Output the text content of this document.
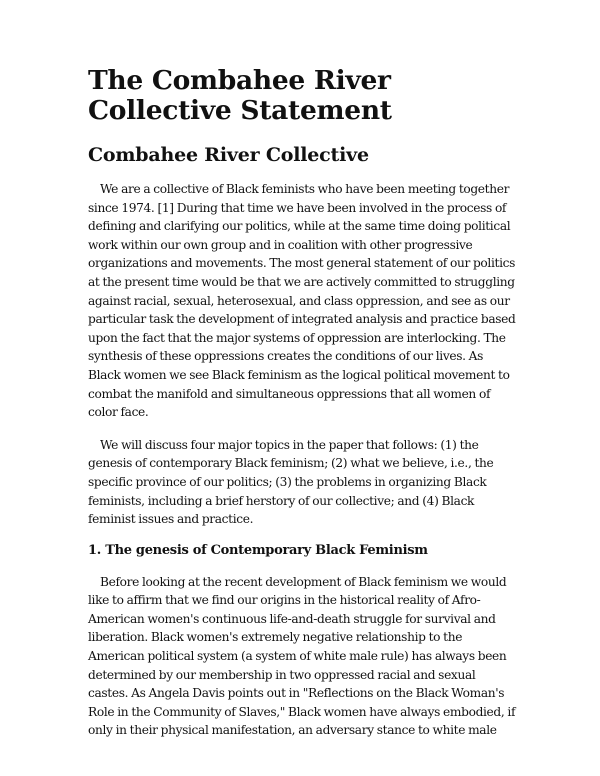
The Combahee River Collective Statement
Combahee River Collective

We are a collective of Black feminists who have been meeting together since 1974. [1] During that time we have been involved in the process of defining and clarifying our politics, while at the same time doing political work within our own group and in coalition with other progressive organizations and movements. The most general statement of our politics at the present time would be that we are actively committed to struggling against racial, sexual, heterosexual, and class oppression, and see as our particular task the development of integrated analysis and practice based upon the fact that the major systems of oppression are interlocking. The synthesis of these oppressions creates the conditions of our lives. As Black women we see Black feminism as the logical political movement to combat the manifold and simultaneous oppressions that all women of color face.

We will discuss four major topics in the paper that follows: (1) the genesis of contemporary Black feminism; (2) what we believe, i.e., the specific province of our politics; (3) the problems in organizing Black feminists, including a brief herstory of our collective; and (4) Black feminist issues and practice.

1. The genesis of Contemporary Black Feminism

Before looking at the recent development of Black feminism we would like to affirm that we find our origins in the historical reality of Afro-American women's continuous life-and-death struggle for survival and liberation. Black women's extremely negative relationship to the American political system (a system of white male rule) has always been determined by our membership in two oppressed racial and sexual castes. As Angela Davis points out in "Reflections on the Black Woman's Role in the Community of Slaves," Black women have always embodied, if only in their physical manifestation, an adversary stance to white male
